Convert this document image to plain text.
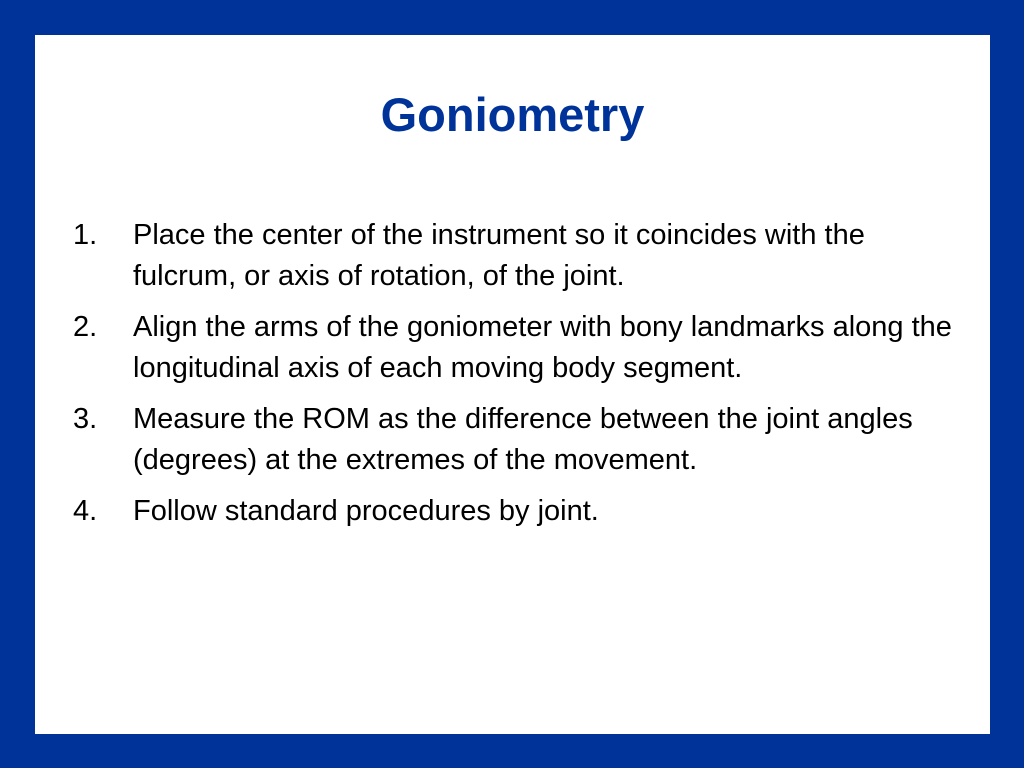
Goniometry
1. Place the center of the instrument so it coincides with the fulcrum, or axis of rotation, of the joint.
2. Align the arms of the goniometer with bony landmarks along the longitudinal axis of each moving body segment.
3. Measure the ROM as the difference between the joint angles (degrees) at the extremes of the movement.
4. Follow standard procedures by joint.
